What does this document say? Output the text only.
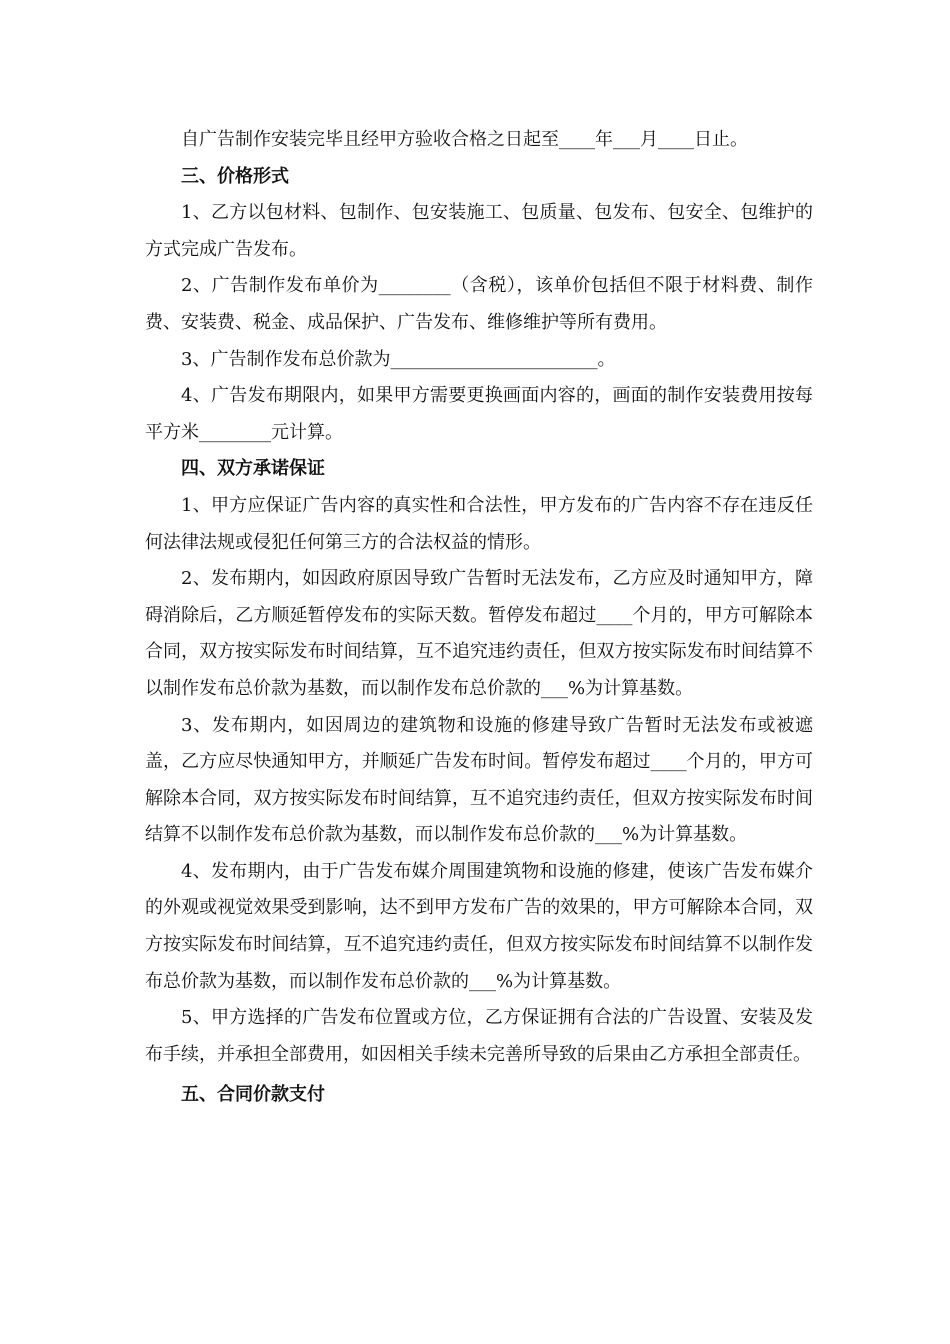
自广告制作安装完毕且经甲方验收合格之日起至____年___月____日止。

三、价格形式

1、乙方以包材料、包制作、包安装施工、包质量、包发布、包安全、包维护的方式完成广告发布。

2、广告制作发布单价为________（含税），该单价包括但不限于材料费、制作费、安装费、税金、成品保护、广告发布、维修维护等所有费用。

3、广告制作发布总价款为_______________________。

4、广告发布期限内，如果甲方需要更换画面内容的，画面的制作安装费用按每平方米________元计算。

四、双方承诺保证

1、甲方应保证广告内容的真实性和合法性，甲方发布的广告内容不存在违反任何法律法规或侵犯任何第三方的合法权益的情形。

2、发布期内，如因政府原因导致广告暂时无法发布，乙方应及时通知甲方，障碍消除后，乙方顺延暂停发布的实际天数。暂停发布超过____个月的，甲方可解除本合同，双方按实际发布时间结算，互不追究违约责任，但双方按实际发布时间结算不以制作发布总价款为基数，而以制作发布总价款的___%为计算基数。

3、发布期内，如因周边的建筑物和设施的修建导致广告暂时无法发布或被遮盖，乙方应尽快通知甲方，并顺延广告发布时间。暂停发布超过____个月的，甲方可解除本合同，双方按实际发布时间结算，互不追究违约责任，但双方按实际发布时间结算不以制作发布总价款为基数，而以制作发布总价款的___%为计算基数。

4、发布期内，由于广告发布媒介周围建筑物和设施的修建，使该广告发布媒介的外观或视觉效果受到影响，达不到甲方发布广告的效果的，甲方可解除本合同，双方按实际发布时间结算，互不追究违约责任，但双方按实际发布时间结算不以制作发布总价款为基数，而以制作发布总价款的___%为计算基数。

5、甲方选择的广告发布位置或方位，乙方保证拥有合法的广告设置、安装及发布手续，并承担全部费用，如因相关手续未完善所导致的后果由乙方承担全部责任。

五、合同价款支付
